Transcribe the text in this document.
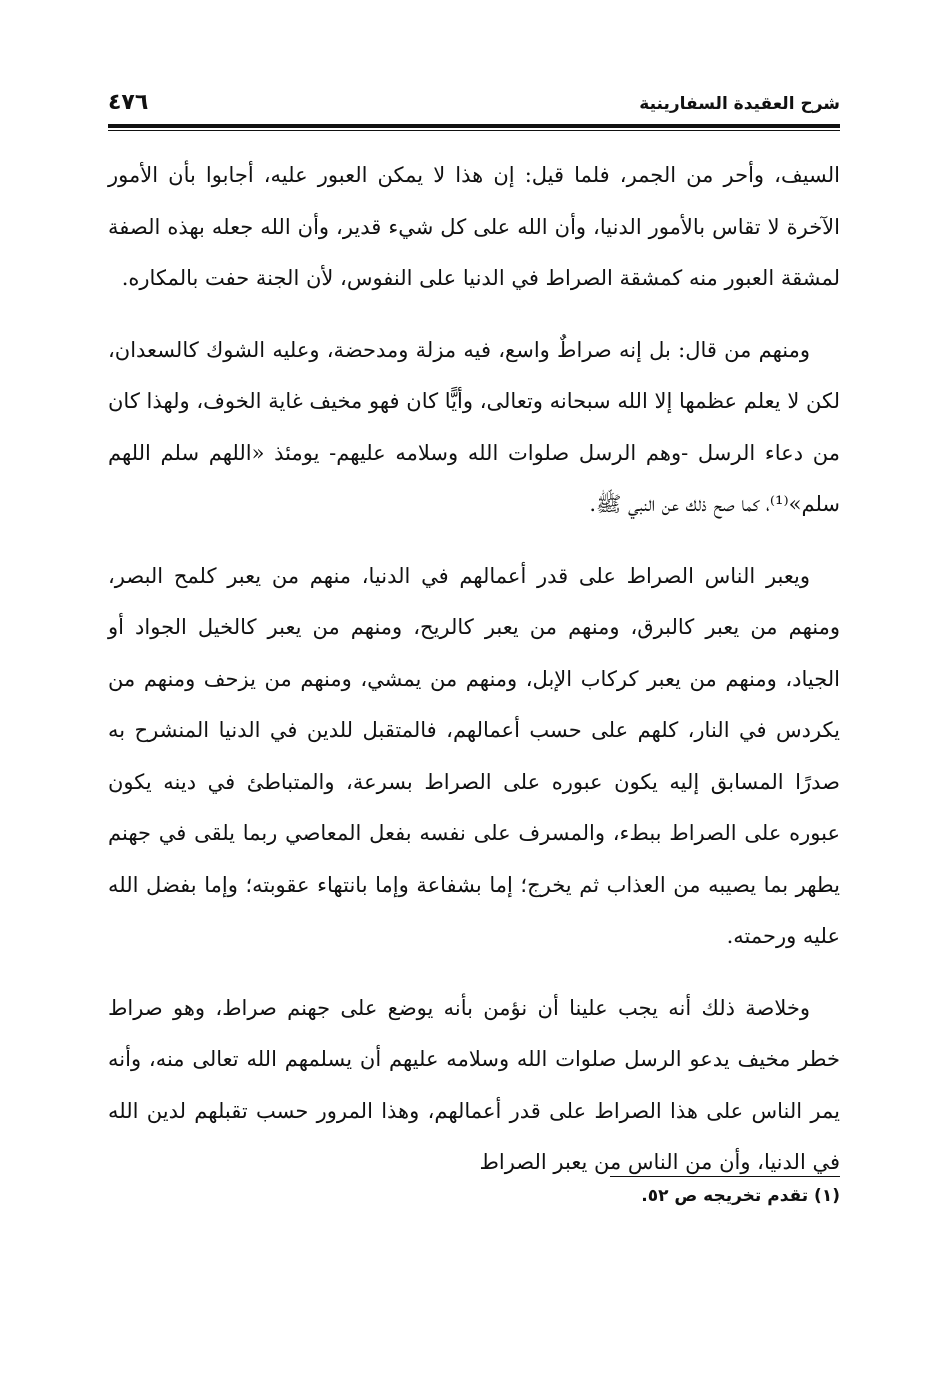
شرح العقيدة السفارينية
٤٧٦

السيف، وأحر من الجمر، فلما قيل: إن هذا لا يمكن العبور عليه، أجابوا بأن الأمور الآخرة لا تقاس بالأمور الدنيا، وأن الله على كل شيء قدير، وأن الله جعله بهذه الصفة لمشقة العبور منه كمشقة الصراط في الدنيا على النفوس، لأن الجنة حفت بالمكاره.

ومنهم من قال: بل إنه صراطٌ واسع، فيه مزلة ومدحضة، وعليه الشوك كالسعدان، لكن لا يعلم عظمها إلا الله سبحانه وتعالى، وأيًّا كان فهو مخيف غاية الخوف، ولهذا كان من دعاء الرسل -وهم الرسل صلوات الله وسلامه عليهم- يومئذ «اللهم سلم اللهم سلم»⁽¹⁾، كما صح ذلك عن النبي ﷺ.

ويعبر الناس الصراط على قدر أعمالهم في الدنيا، منهم من يعبر كلمح البصر، ومنهم من يعبر كالبرق، ومنهم من يعبر كالريح، ومنهم من يعبر كالخيل الجواد أو الجياد، ومنهم من يعبر كركاب الإبل، ومنهم من يمشي، ومنهم من يزحف ومنهم من يكردس في النار، كلهم على حسب أعمالهم، فالمتقبل للدين في الدنيا المنشرح به صدرًا المسابق إليه يكون عبوره على الصراط بسرعة، والمتباطئ في دينه يكون عبوره على الصراط ببطء، والمسرف على نفسه بفعل المعاصي ربما يلقى في جهنم يطهر بما يصيبه من العذاب ثم يخرج؛ إما بشفاعة وإما بانتهاء عقوبته؛ وإما بفضل الله عليه ورحمته.

وخلاصة ذلك أنه يجب علينا أن نؤمن بأنه يوضع على جهنم صراط، وهو صراط خطر مخيف يدعو الرسل صلوات الله وسلامه عليهم أن يسلمهم الله تعالى منه، وأنه يمر الناس على هذا الصراط على قدر أعمالهم، وهذا المرور حسب تقبلهم لدين الله في الدنيا، وأن من الناس من يعبر الصراط

(١) تقدم تخريجه ص ٥٢.
